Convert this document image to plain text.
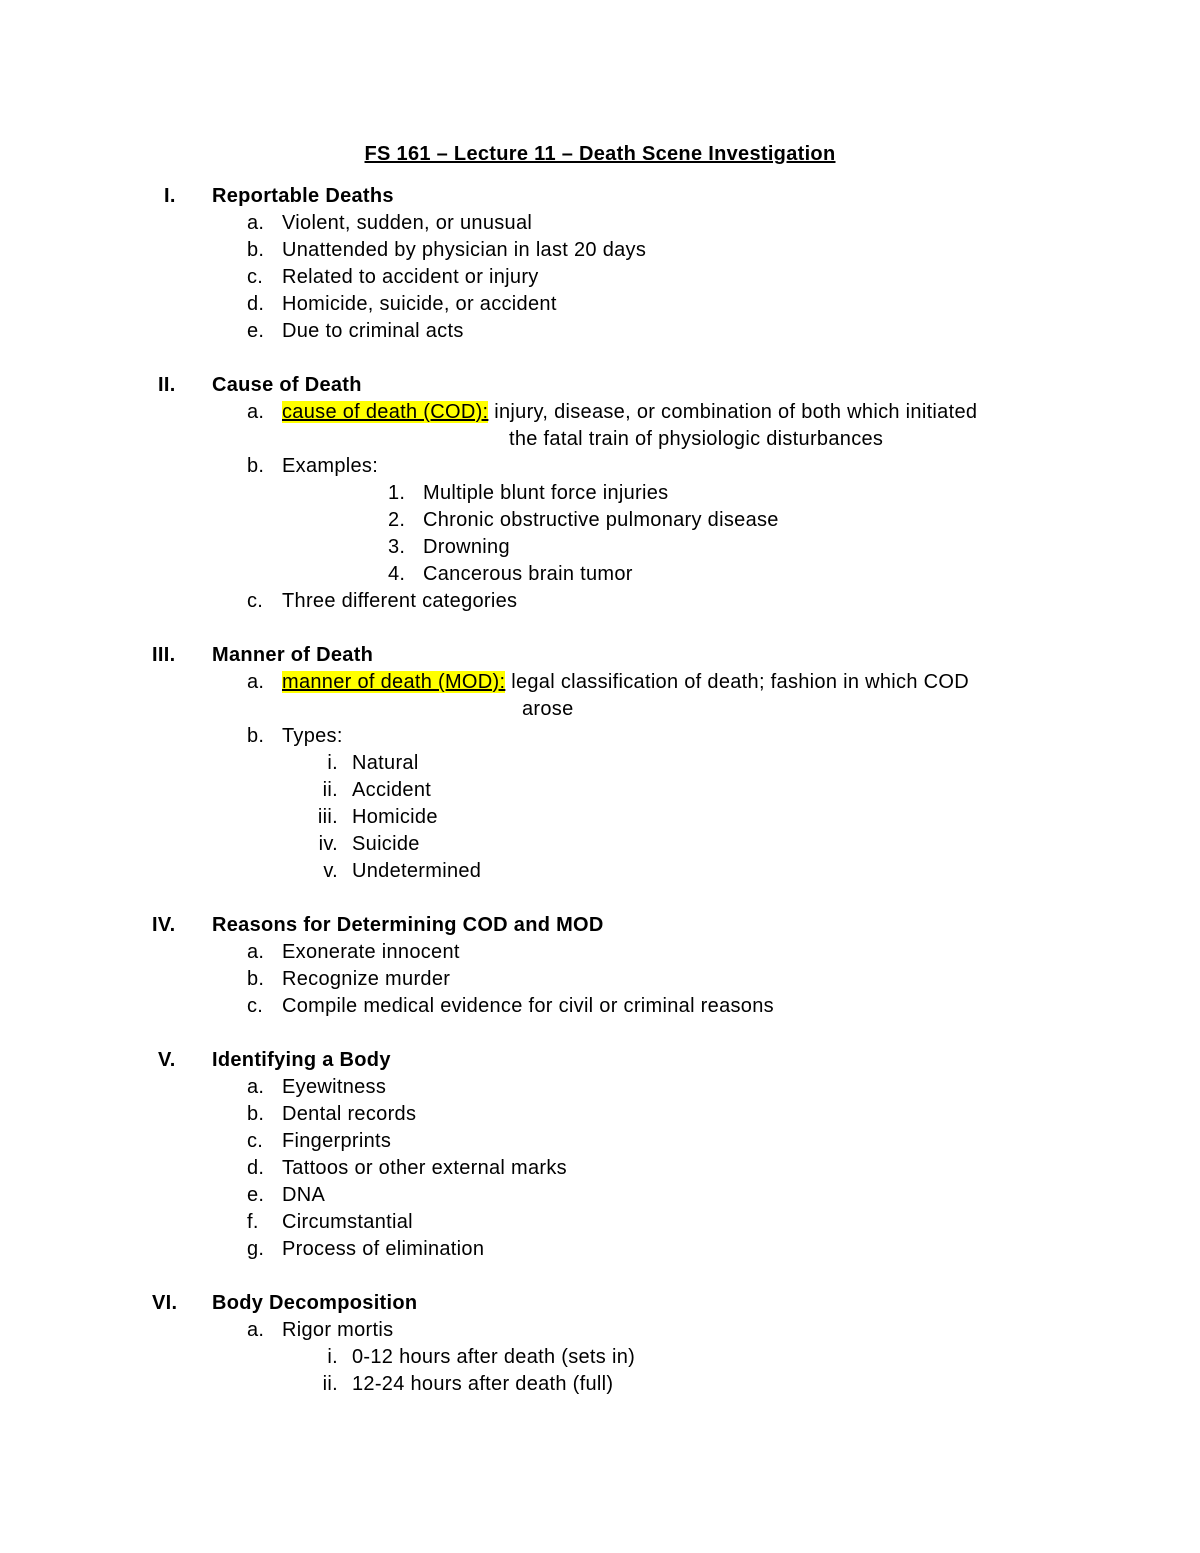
FS 161 – Lecture 11 – Death Scene Investigation
I. Reportable Deaths
a. Violent, sudden, or unusual
b. Unattended by physician in last 20 days
c. Related to accident or injury
d. Homicide, suicide, or accident
e. Due to criminal acts
II. Cause of Death
a. cause of death (COD): injury, disease, or combination of both which initiated
the fatal train of physiologic disturbances
b. Examples:
1. Multiple blunt force injuries
2. Chronic obstructive pulmonary disease
3. Drowning
4. Cancerous brain tumor
c. Three different categories
III. Manner of Death
a. manner of death (MOD): legal classification of death; fashion in which COD
arose
b. Types:
i. Natural
ii. Accident
iii. Homicide
iv. Suicide
v. Undetermined
IV. Reasons for Determining COD and MOD
a. Exonerate innocent
b. Recognize murder
c. Compile medical evidence for civil or criminal reasons
V. Identifying a Body
a. Eyewitness
b. Dental records
c. Fingerprints
d. Tattoos or other external marks
e. DNA
f. Circumstantial
g. Process of elimination
VI. Body Decomposition
a. Rigor mortis
i. 0-12 hours after death (sets in)
ii. 12-24 hours after death (full)
